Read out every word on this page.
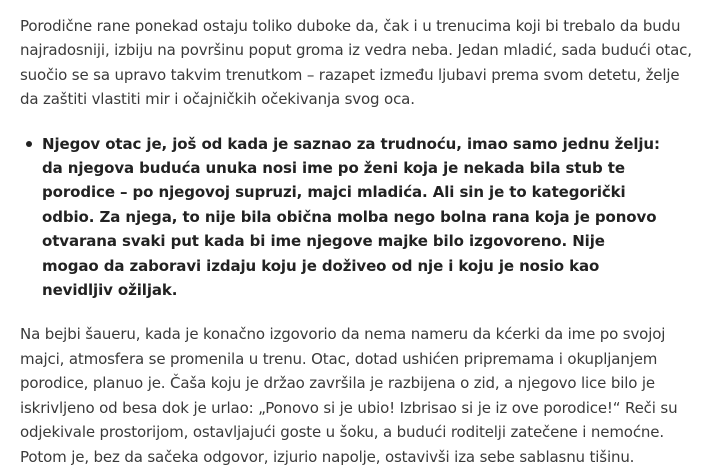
Porodične rane ponekad ostaju toliko duboke da, čak i u trenucima koji bi trebalo da budu najradosniji, izbiju na površinu poput groma iz vedra neba. Jedan mladić, sada budući otac, suočio se sa upravo takvim trenutkom – razapet između ljubavi prema svom detetu, želje da zaštiti vlastiti mir i očajničkih očekivanja svog oca.

Njegov otac je, još od kada je saznao za trudnoću, imao samo jednu želju: da njegova buduća unuka nosi ime po ženi koja je nekada bila stub te porodice – po njegovoj supruzi, majci mladića. Ali sin je to kategorički odbio. Za njega, to nije bila obična molba nego bolna rana koja je ponovo otvarana svaki put kada bi ime njegove majke bilo izgovoreno. Nije mogao da zaboravi izdaju koju je doživeo od nje i koju je nosio kao nevidljiv ožiljak.

Na bejbi šaueru, kada je konačno izgovorio da nema nameru da kćerki da ime po svojoj majci, atmosfera se promenila u trenu. Otac, dotad ushićen pripremama i okupljanjem porodice, planuo je. Čaša koju je držao završila je razbijena o zid, a njegovo lice bilo je iskrivljeno od besa dok je urlao: „Ponovo si je ubio! Izbrisao si je iz ove porodice!“ Reči su odjekivale prostorijom, ostavljajući goste u šoku, a budući roditelji zatečene i nemoćne. Potom je, bez da sačeka odgovor, izjurio napolje, ostavivši iza sebe sablasnu tišinu.
